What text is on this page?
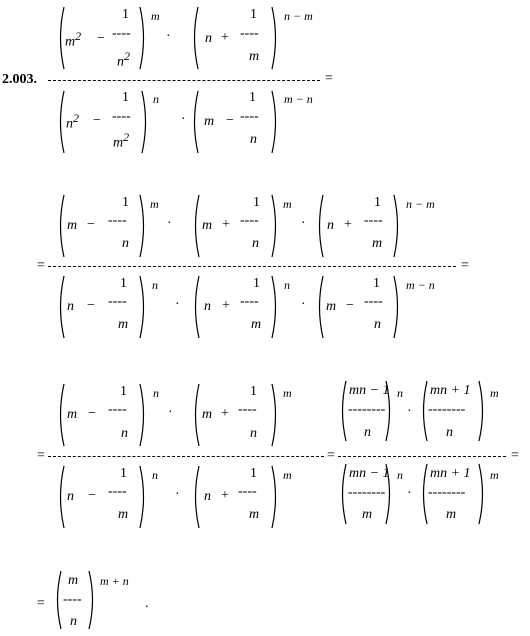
2.003.
$m^2$ −
1
----
$n^2$
m
· n +
1
----
m
n − m
=
$n^2$ −
1
----
$m^2$
n
· m −
1
----
n
m − n
=
m −
1
----
n
m
· m +
1
----
n
m
· n +
1
----
m
n − m
=
n −
1
----
m
n
· n +
1
----
m
n
· m −
1
----
n
m − n
=
m −
1
----
n
n
· m +
1
----
n
m
=
n −
1
----
m
n
· n +
1
----
m
m
mn − 1
--------
n
n
·
mn + 1
--------
n
m
=
mn − 1
--------
m
n
·
mn + 1
--------
m
m
=
m
----
n
m + n
.
